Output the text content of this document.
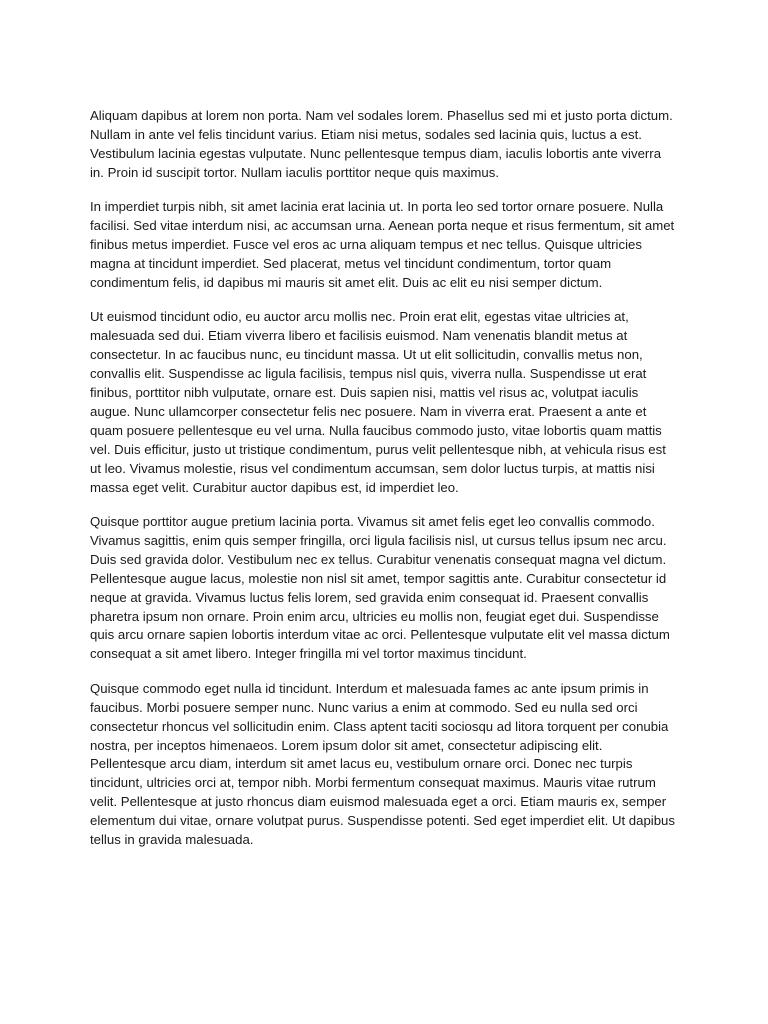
Aliquam dapibus at lorem non porta. Nam vel sodales lorem. Phasellus sed mi et justo porta dictum. Nullam in ante vel felis tincidunt varius. Etiam nisi metus, sodales sed lacinia quis, luctus a est. Vestibulum lacinia egestas vulputate. Nunc pellentesque tempus diam, iaculis lobortis ante viverra in. Proin id suscipit tortor. Nullam iaculis porttitor neque quis maximus.

In imperdiet turpis nibh, sit amet lacinia erat lacinia ut. In porta leo sed tortor ornare posuere. Nulla facilisi. Sed vitae interdum nisi, ac accumsan urna. Aenean porta neque et risus fermentum, sit amet finibus metus imperdiet. Fusce vel eros ac urna aliquam tempus et nec tellus. Quisque ultricies magna at tincidunt imperdiet. Sed placerat, metus vel tincidunt condimentum, tortor quam condimentum felis, id dapibus mi mauris sit amet elit. Duis ac elit eu nisi semper dictum.

Ut euismod tincidunt odio, eu auctor arcu mollis nec. Proin erat elit, egestas vitae ultricies at, malesuada sed dui. Etiam viverra libero et facilisis euismod. Nam venenatis blandit metus at consectetur. In ac faucibus nunc, eu tincidunt massa. Ut ut elit sollicitudin, convallis metus non, convallis elit. Suspendisse ac ligula facilisis, tempus nisl quis, viverra nulla. Suspendisse ut erat finibus, porttitor nibh vulputate, ornare est. Duis sapien nisi, mattis vel risus ac, volutpat iaculis augue. Nunc ullamcorper consectetur felis nec posuere. Nam in viverra erat. Praesent a ante et quam posuere pellentesque eu vel urna. Nulla faucibus commodo justo, vitae lobortis quam mattis vel. Duis efficitur, justo ut tristique condimentum, purus velit pellentesque nibh, at vehicula risus est ut leo. Vivamus molestie, risus vel condimentum accumsan, sem dolor luctus turpis, at mattis nisi massa eget velit. Curabitur auctor dapibus est, id imperdiet leo.

Quisque porttitor augue pretium lacinia porta. Vivamus sit amet felis eget leo convallis commodo. Vivamus sagittis, enim quis semper fringilla, orci ligula facilisis nisl, ut cursus tellus ipsum nec arcu. Duis sed gravida dolor. Vestibulum nec ex tellus. Curabitur venenatis consequat magna vel dictum. Pellentesque augue lacus, molestie non nisl sit amet, tempor sagittis ante. Curabitur consectetur id neque at gravida. Vivamus luctus felis lorem, sed gravida enim consequat id. Praesent convallis pharetra ipsum non ornare. Proin enim arcu, ultricies eu mollis non, feugiat eget dui. Suspendisse quis arcu ornare sapien lobortis interdum vitae ac orci. Pellentesque vulputate elit vel massa dictum consequat a sit amet libero. Integer fringilla mi vel tortor maximus tincidunt.

Quisque commodo eget nulla id tincidunt. Interdum et malesuada fames ac ante ipsum primis in faucibus. Morbi posuere semper nunc. Nunc varius a enim at commodo. Sed eu nulla sed orci consectetur rhoncus vel sollicitudin enim. Class aptent taciti sociosqu ad litora torquent per conubia nostra, per inceptos himenaeos. Lorem ipsum dolor sit amet, consectetur adipiscing elit. Pellentesque arcu diam, interdum sit amet lacus eu, vestibulum ornare orci. Donec nec turpis tincidunt, ultricies orci at, tempor nibh. Morbi fermentum consequat maximus. Mauris vitae rutrum velit. Pellentesque at justo rhoncus diam euismod malesuada eget a orci. Etiam mauris ex, semper elementum dui vitae, ornare volutpat purus. Suspendisse potenti. Sed eget imperdiet elit. Ut dapibus tellus in gravida malesuada.
